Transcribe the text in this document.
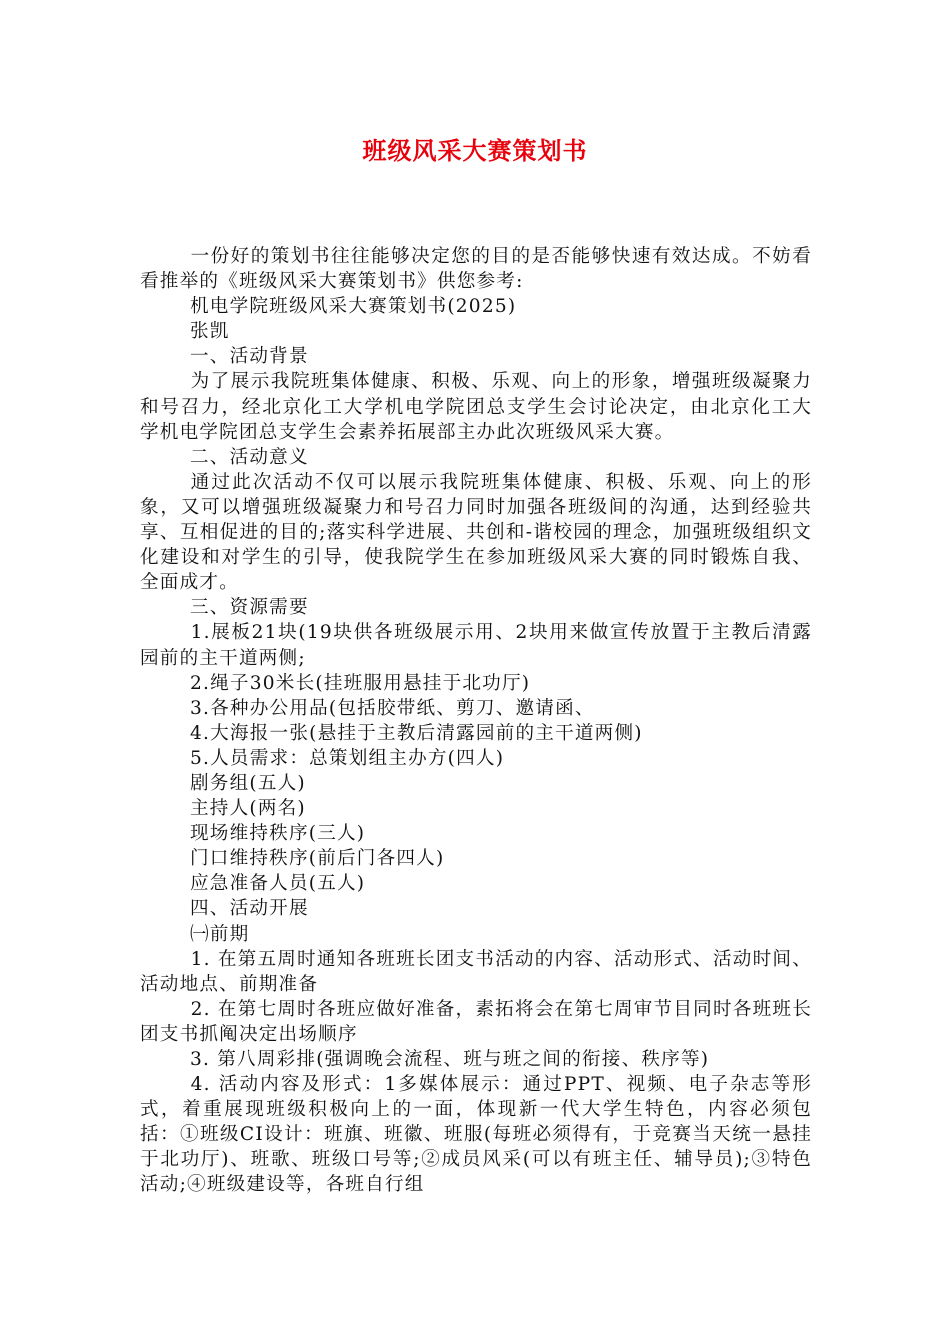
班级风采大赛策划书

一份好的策划书往往能够决定您的目的是否能够快速有效达成。不妨看看推举的《班级风采大赛策划书》供您参考:

机电学院班级风采大赛策划书(2025)

张凯

一、活动背景

为了展示我院班集体健康、积极、乐观、向上的形象，增强班级凝聚力和号召力，经北京化工大学机电学院团总支学生会讨论决定，由北京化工大学机电学院团总支学生会素养拓展部主办此次班级风采大赛。

二、活动意义

通过此次活动不仅可以展示我院班集体健康、积极、乐观、向上的形象，又可以增强班级凝聚力和号召力同时加强各班级间的沟通，达到经验共享、互相促进的目的;落实科学进展、共创和-谐校园的理念，加强班级组织文化建设和对学生的引导，使我院学生在参加班级风采大赛的同时锻炼自我、全面成才。

三、资源需要

1.展板21块(19块供各班级展示用、2块用来做宣传放置于主教后清露园前的主干道两侧;

2.绳子30米长(挂班服用悬挂于北功厅)

3.各种办公用品(包括胶带纸、剪刀、邀请函、

4.大海报一张(悬挂于主教后清露园前的主干道两侧)

5.人员需求：总策划组主办方(四人)

剧务组(五人)

主持人(两名)

现场维持秩序(三人)

门口维持秩序(前后门各四人)

应急准备人员(五人)

四、活动开展

㈠前期

1. 在第五周时通知各班班长团支书活动的内容、活动形式、活动时间、活动地点、前期准备

2. 在第七周时各班应做好准备，素拓将会在第七周审节目同时各班班长团支书抓阄决定出场顺序

3. 第八周彩排(强调晚会流程、班与班之间的衔接、秩序等)

4. 活动内容及形式：1多媒体展示：通过PPT、视频、电子杂志等形式，着重展现班级积极向上的一面，体现新一代大学生特色，内容必须包括：①班级CI设计：班旗、班徽、班服(每班必须得有，于竞赛当天统一悬挂于北功厅)、班歌、班级口号等;②成员风采(可以有班主任、辅导员);③特色活动;④班级建设等，各班自行组
